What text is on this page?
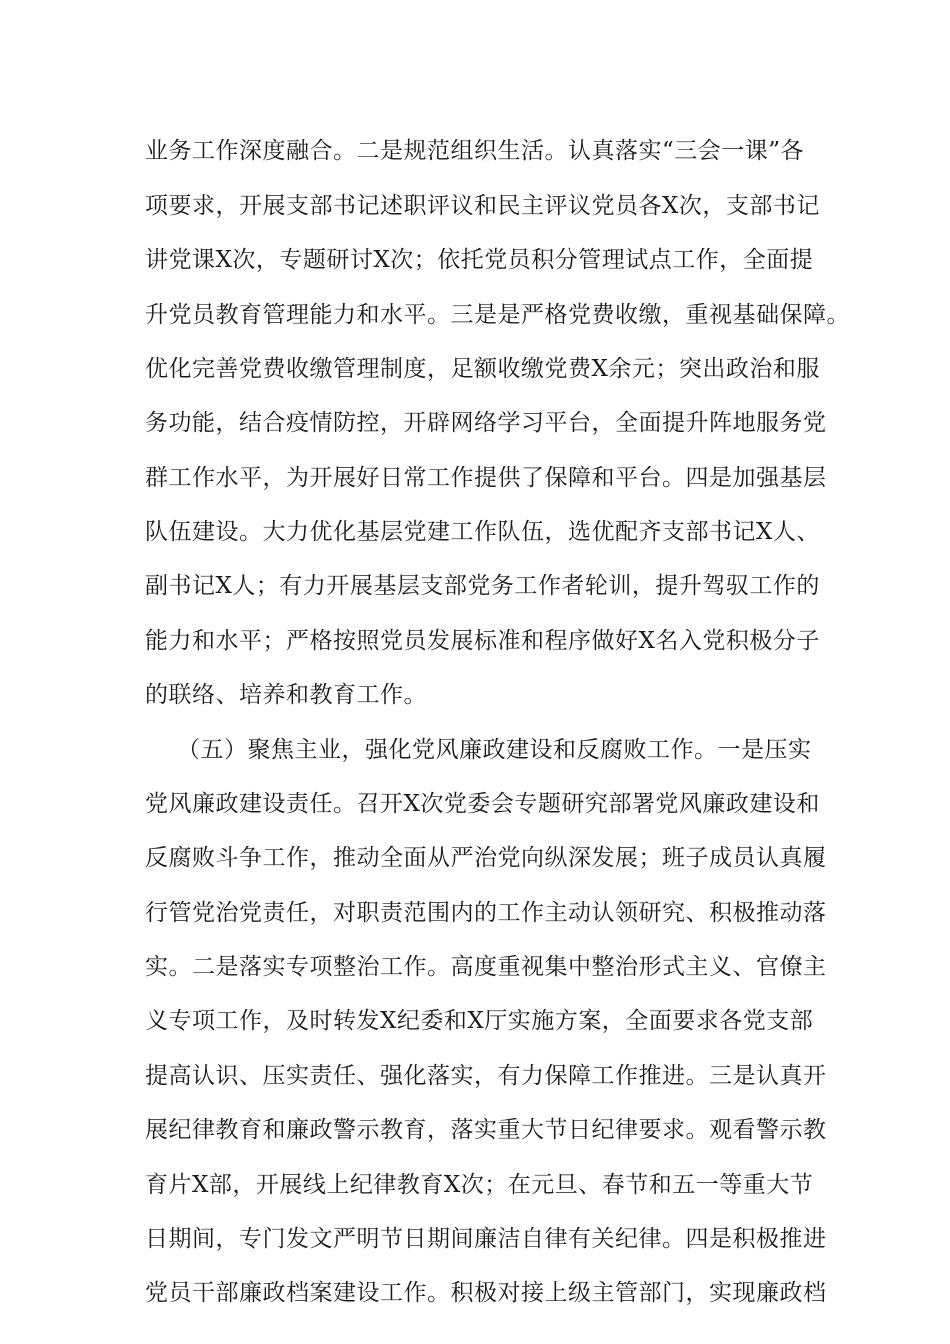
业务工作深度融合。二是规范组织生活。认真落实“三会一课”各
项要求，开展支部书记述职评议和民主评议党员各X次，支部书记
讲党课X次，专题研讨X次；依托党员积分管理试点工作，全面提
升党员教育管理能力和水平。三是是严格党费收缴，重视基础保障。
优化完善党费收缴管理制度，足额收缴党费X余元；突出政治和服
务功能，结合疫情防控，开辟网络学习平台，全面提升阵地服务党
群工作水平，为开展好日常工作提供了保障和平台。四是加强基层
队伍建设。大力优化基层党建工作队伍，选优配齐支部书记X人、
副书记X人；有力开展基层支部党务工作者轮训，提升驾驭工作的
能力和水平；严格按照党员发展标准和程序做好X名入党积极分子
的联络、培养和教育工作。
（五）聚焦主业，强化党风廉政建设和反腐败工作。一是压实
党风廉政建设责任。召开X次党委会专题研究部署党风廉政建设和
反腐败斗争工作，推动全面从严治党向纵深发展；班子成员认真履
行管党治党责任，对职责范围内的工作主动认领研究、积极推动落
实。二是落实专项整治工作。高度重视集中整治形式主义、官僚主
义专项工作，及时转发X纪委和X厅实施方案，全面要求各党支部
提高认识、压实责任、强化落实，有力保障工作推进。三是认真开
展纪律教育和廉政警示教育，落实重大节日纪律要求。观看警示教
育片X部，开展线上纪律教育X次；在元旦、春节和五一等重大节
日期间，专门发文严明节日期间廉洁自律有关纪律。四是积极推进
党员干部廉政档案建设工作。积极对接上级主管部门，实现廉政档
